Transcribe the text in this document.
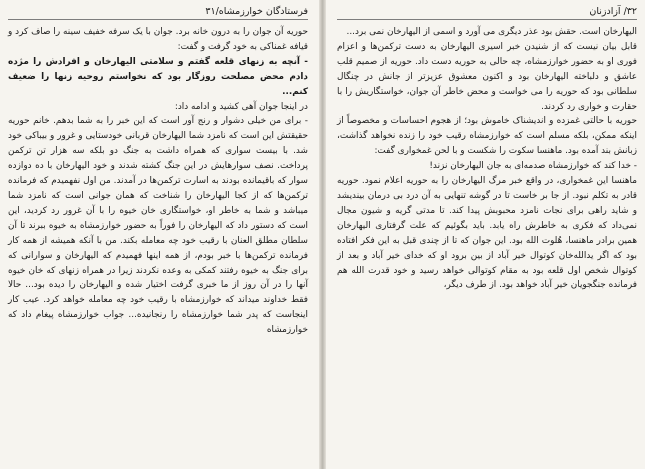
فرستادگان خوارزمشاه/۳۱

حوریه آن جوان را به درون خانه برد. جوان با یک سرفه خفیف سینه را صاف کرد و قیافه غمناکی به خود گرفت و گفت:

- آنچه به زنهای قلعه گفتم و سلامتی الیهارخان و افرادش را مژده دادم محض مصلحت روزگار بود که نخواستم روحیه زنها را ضعیف کنم...

در اینجا جوان آهی کشید و ادامه داد:

- برای من خیلی دشوار و رنج آور است که این خبر را به شما بدهم. خانم حوریه حقیقتش این است که نامزد شما الیهارخان قربانی خودستایی و غرور و بیباکی خود شد. با بیست سواری که همراه داشت به جنگ دو بلکه سه هزار تن ترکمن پرداخت. نصف سوارهایش در این جنگ کشته شدند و خود الیهارخان با ده دوازده سوار که باقیمانده بودند به اسارت ترکمن‌ها در آمدند. من اول نفهمیدم که فرمانده ترکمن‌ها که از کجا الیهارخان را شناخت که همان جوانی است که نامزد شما میباشد و شما به خاطر او، خواستگاری خان خیوه را با آن غرور رد کردید، این است که دستور داد که الیهارخان را فوراً به حضور خوارزمشاه به خیوه ببرند تا آن سلطان مطلق العنان با رقیب خود چه معامله بکند. من با آنکه همیشه از همه کار فرمانده ترکمن‌ها با خبر بودم، از همه اینها فهمیدم که الیهارخان و سوارانی که برای جنگ به خیوه رفتند کمکی به وعده نکردند زیرا در همراه زنهای که خان خیوه آنها را در آن روز از ما خبری گرفت اختیار شده و الیهارخان را دیده بود... حالا فقط خداوند میداند که خوارزمشاه با رقیب خود چه معامله خواهد کرد. عیب کار اینجاست که پدر شما خوارزمشاه را رنجانیده... جواب خوارزمشاه پیغام داد که خوارزمشاه

۳۲/ آزادزنان

الیهارخان است. حقش بود عذر دیگری می آورد و اسمی از الیهارخان نمی برد...

قابل بیان نیست که از شنیدن خبر اسیری الیهارخان به دست ترکمن‌ها و اعزام فوری او به حضور خوارزمشاه، چه حالی به حوریه دست داد. حوریه از صمیم قلب عاشق و دلباخته الیهارخان بود و اکنون معشوق عزیزتر از جانش در چنگال سلطانی بود که حوریه را می خواست و محض خاطر آن جوان، خواستگاریش را با حقارت و خواری رد کردند.

حوریه با حالتی غمزده و اندیشناک خاموش بود؛ از هجوم احساسات و مخصوصاً از اینکه ممکن، بلکه مسلم است که خوارزمشاه رقیب خود را زنده نخواهد گذاشت، زبانش بند آمده بود. ماهنسا سکوت را شکست و با لحن غمخواری گفت:

- خدا کند که خوارزمشاه صدمه‌ای به جان الیهارخان نزند!

ماهنسا این غمخواری، در واقع خبر مرگ الیهارخان را به حوریه اعلام نمود. حوریه قادر به تکلم نبود. از جا بر خاست تا در گوشه تنهایی به آن درد بی درمان بیندیشد و شاید راهی برای نجات نامزد محبوبش پیدا کند. تا مدتی گریه و شیون مجال نمی‌داد که فکری به خاطرش راه یابد. باید بگوئیم که علت گرفتاری الیهارخان همین برادر ماهنسا، هُلوت الله بود. این جوان که تا از چندی قبل به این فکر افتاده بود که اگر یدالله‌خان کوتوال خیر آباد از بین برود او که خدای خیر آباد و بعد از کوتوال شخص اول قلعه بود به مقام کوتوالی خواهد رسید و خود قدرت الله هم فرمانده جنگجویان خیر آباد خواهد بود. از طرف دیگر،
